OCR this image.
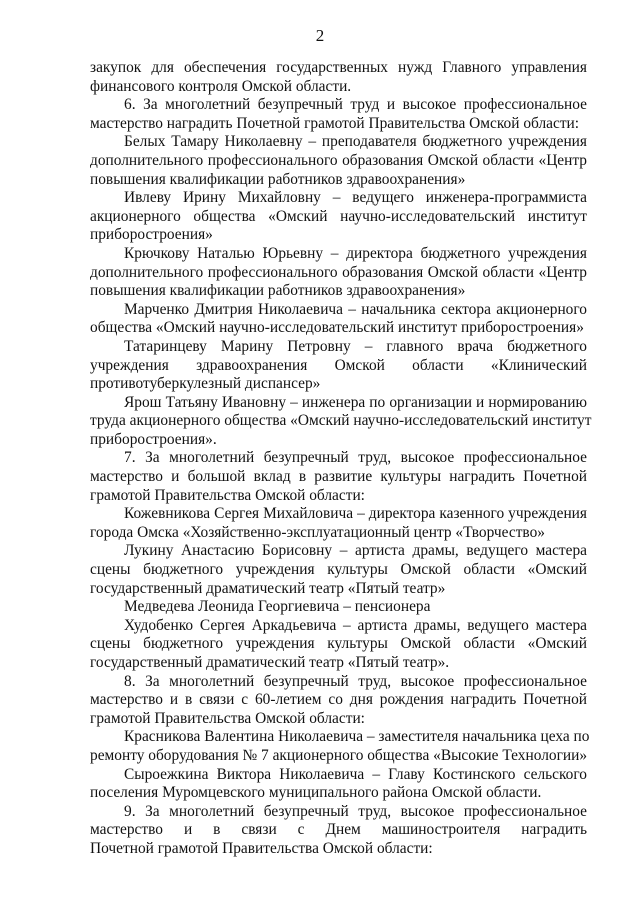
2
закупок для обеспечения государственных нужд Главного управления
финансового контроля Омской области.
6. За многолетний безупречный труд и высокое профессиональное
мастерство наградить Почетной грамотой Правительства Омской области:
Белых Тамару Николаевну – преподавателя бюджетного учреждения
дополнительного профессионального образования Омской области «Центр
повышения квалификации работников здравоохранения»
Ивлеву Ирину Михайловну – ведущего инженера-программиста
акционерного общества «Омский научно-исследовательский институт
приборостроения»
Крючкову Наталью Юрьевну – директора бюджетного учреждения
дополнительного профессионального образования Омской области «Центр
повышения квалификации работников здравоохранения»
Марченко Дмитрия Николаевича – начальника сектора акционерного
общества «Омский научно-исследовательский институт приборостроения»
Татаринцеву Марину Петровну – главного врача бюджетного
учреждения здравоохранения Омской области «Клинический
противотуберкулезный диспансер»
Ярош Татьяну Ивановну – инженера по организации и нормированию
труда акционерного общества «Омский научно-исследовательский институт
приборостроения».
7. За многолетний безупречный труд, высокое профессиональное
мастерство и большой вклад в развитие культуры наградить Почетной
грамотой Правительства Омской области:
Кожевникова Сергея Михайловича – директора казенного учреждения
города Омска «Хозяйственно-эксплуатационный центр «Творчество»
Лукину Анастасию Борисовну – артиста драмы, ведущего мастера
сцены бюджетного учреждения культуры Омской области «Омский
государственный драматический театр «Пятый театр»
Медведева Леонида Георгиевича – пенсионера
Худобенко Сергея Аркадьевича – артиста драмы, ведущего мастера
сцены бюджетного учреждения культуры Омской области «Омский
государственный драматический театр «Пятый театр».
8. За многолетний безупречный труд, высокое профессиональное
мастерство и в связи с 60-летием со дня рождения наградить Почетной
грамотой Правительства Омской области:
Красникова Валентина Николаевича – заместителя начальника цеха по
ремонту оборудования № 7 акционерного общества «Высокие Технологии»
Сыроежкина Виктора Николаевича – Главу Костинского сельского
поселения Муромцевского муниципального района Омской области.
9. За многолетний безупречный труд, высокое профессиональное
мастерство и в связи с Днем машиностроителя наградить
Почетной грамотой Правительства Омской области:
